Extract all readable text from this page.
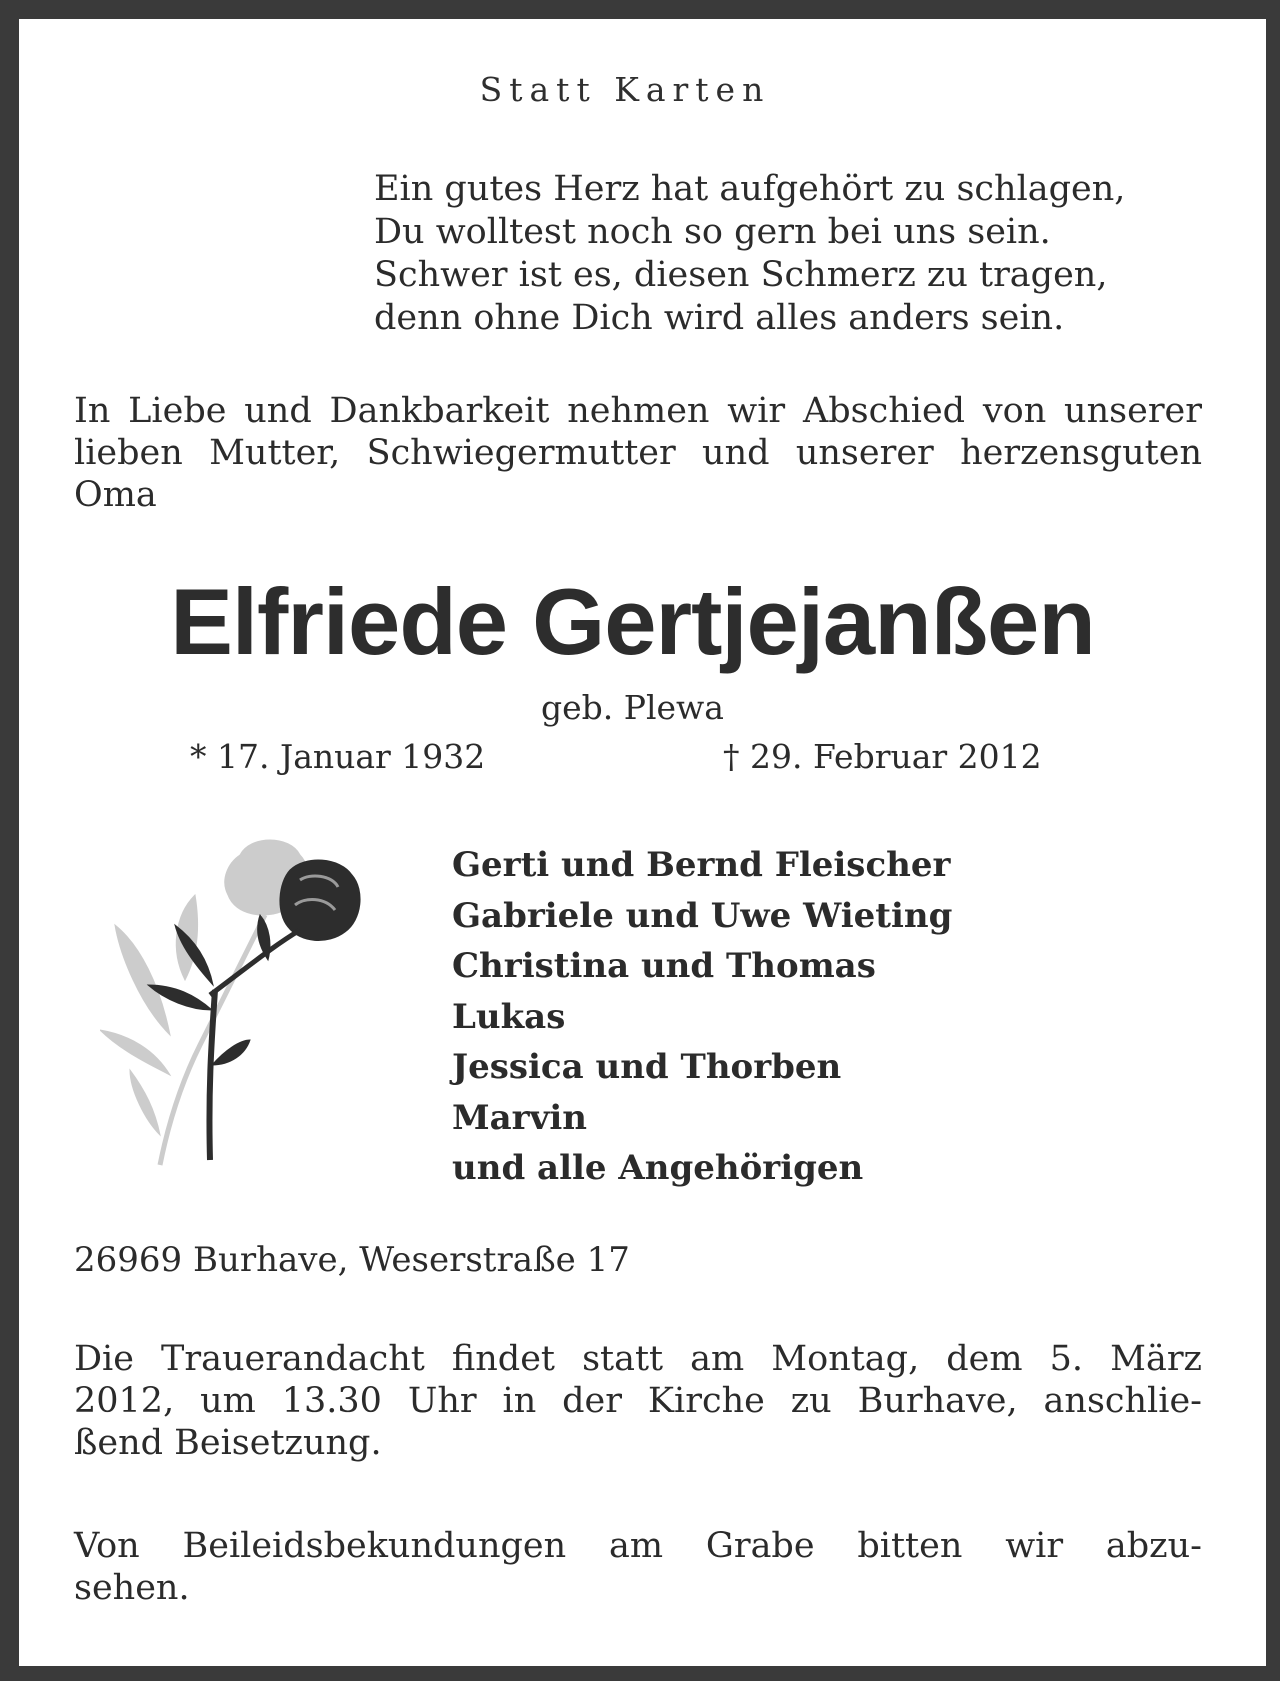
Statt Karten
Ein gutes Herz hat aufgehört zu schlagen,
Du wolltest noch so gern bei uns sein.
Schwer ist es, diesen Schmerz zu tragen,
denn ohne Dich wird alles anders sein.
In Liebe und Dankbarkeit nehmen wir Abschied von unserer lieben Mutter, Schwiegermutter und unserer herzensguten Oma
Elfriede Gertjejanßen
geb. Plewa
* 17. Januar 1932	† 29. Februar 2012
Gerti und Bernd Fleischer
Gabriele und Uwe Wieting
Christina und Thomas
Lukas
Jessica und Thorben
Marvin
und alle Angehörigen
26969 Burhave, Weserstraße 17
Die Trauerandacht findet statt am Montag, dem 5. März
2012, um 13.30 Uhr in der Kirche zu Burhave, anschlie-
ßend Beisetzung.
Von Beileidsbekundungen am Grabe bitten wir abzu-
sehen.
